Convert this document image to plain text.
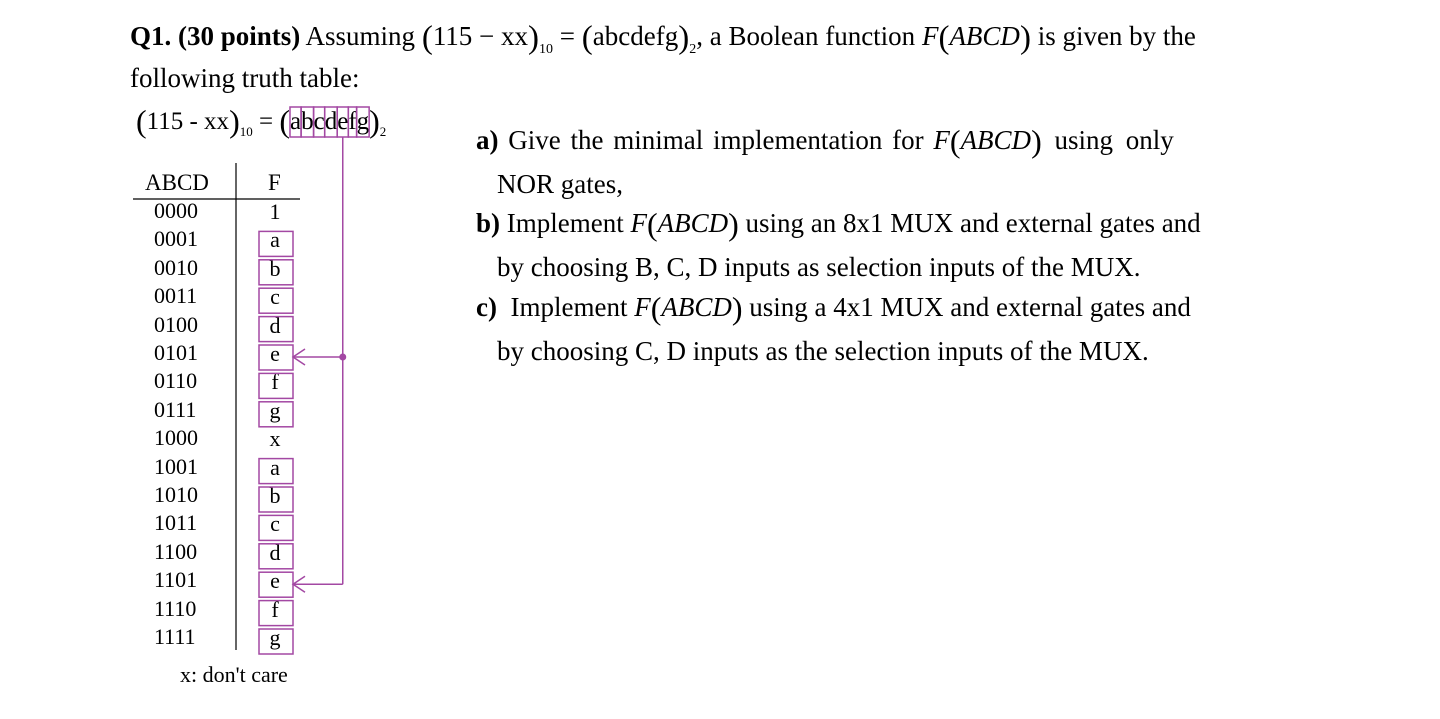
Q1. (30 points) Assuming $(115 - xx)_{10}$ = $(abcdefg)_2$, a Boolean function F(ABCD) is given by the
following truth table:
$(115 - xx)_{10}$ = $(abcdefg)_2$
ABCD	F
0000	1
0001	a
0010	b
0011	c
0100	d
0101	e
0110	f
0111	g
1000	x
1001	a
1010	b
1011	c
1100	d
1101	e
1110	f
1111	g
x: don't care
a) Give the minimal implementation for F(ABCD) using only
NOR gates,
b) Implement F(ABCD) using an 8x1 MUX and external gates and
by choosing B, C, D inputs as selection inputs of the MUX.
c)  Implement F(ABCD) using a 4x1 MUX and external gates and
by choosing C, D inputs as the selection inputs of the MUX.
